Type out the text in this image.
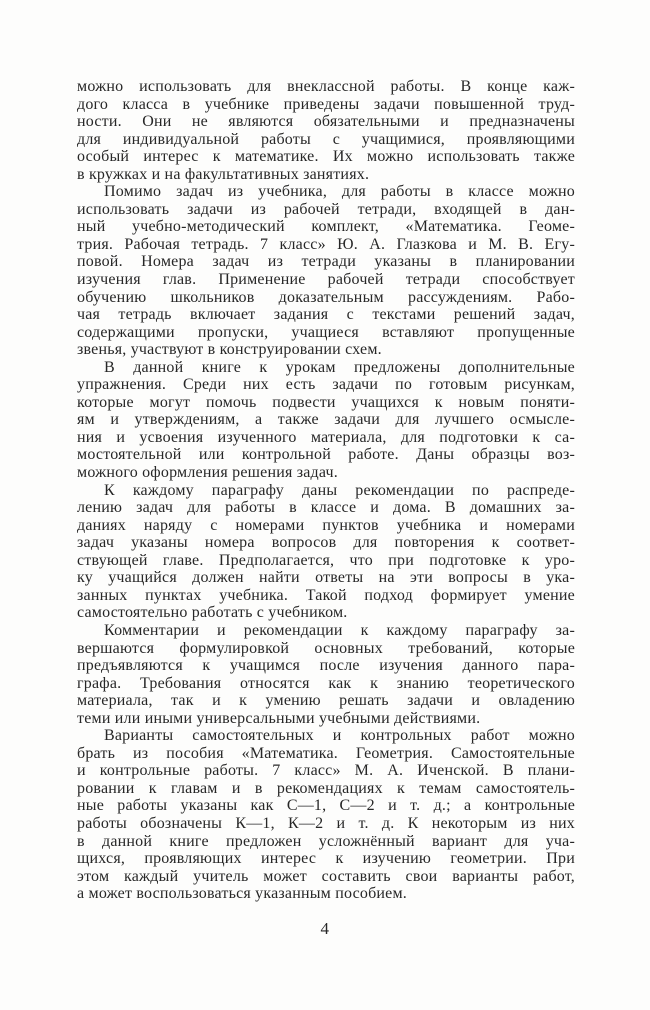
можно использовать для внеклассной работы. В конце каж-
дого класса в учебнике приведены задачи повышенной труд-
ности. Они не являются обязательными и предназначены
для индивидуальной работы с учащимися, проявляющими
особый интерес к математике. Их можно использовать также
в кружках и на факультативных занятиях.
Помимо задач из учебника, для работы в классе можно
использовать задачи из рабочей тетради, входящей в дан-
ный учебно-методический комплект, «Математика. Геоме-
трия. Рабочая тетрадь. 7 класс» Ю. А. Глазкова и М. В. Егу-
повой. Номера задач из тетради указаны в планировании
изучения глав. Применение рабочей тетради способствует
обучению школьников доказательным рассуждениям. Рабо-
чая тетрадь включает задания с текстами решений задач,
содержащими пропуски, учащиеся вставляют пропущенные
звенья, участвуют в конструировании схем.
В данной книге к урокам предложены дополнительные
упражнения. Среди них есть задачи по готовым рисункам,
которые могут помочь подвести учащихся к новым поняти-
ям и утверждениям, а также задачи для лучшего осмысле-
ния и усвоения изученного материала, для подготовки к са-
мостоятельной или контрольной работе. Даны образцы воз-
можного оформления решения задач.
К каждому параграфу даны рекомендации по распреде-
лению задач для работы в классе и дома. В домашних за-
даниях наряду с номерами пунктов учебника и номерами
задач указаны номера вопросов для повторения к соответ-
ствующей главе. Предполагается, что при подготовке к уро-
ку учащийся должен найти ответы на эти вопросы в ука-
занных пунктах учебника. Такой подход формирует умение
самостоятельно работать с учебником.
Комментарии и рекомендации к каждому параграфу за-
вершаются формулировкой основных требований, которые
предъявляются к учащимся после изучения данного пара-
графа. Требования относятся как к знанию теоретического
материала, так и к умению решать задачи и овладению
теми или иными универсальными учебными действиями.
Варианты самостоятельных и контрольных работ можно
брать из пособия «Математика. Геометрия. Самостоятельные
и контрольные работы. 7 класс» М. А. Иченской. В плани-
ровании к главам и в рекомендациях к темам самостоятель-
ные работы указаны как С—1, С—2 и т. д.; а контрольные
работы обозначены К—1, К—2 и т. д. К некоторым из них
в данной книге предложен усложнённый вариант для уча-
щихся, проявляющих интерес к изучению геометрии. При
этом каждый учитель может составить свои варианты работ,
а может воспользоваться указанным пособием.
4
